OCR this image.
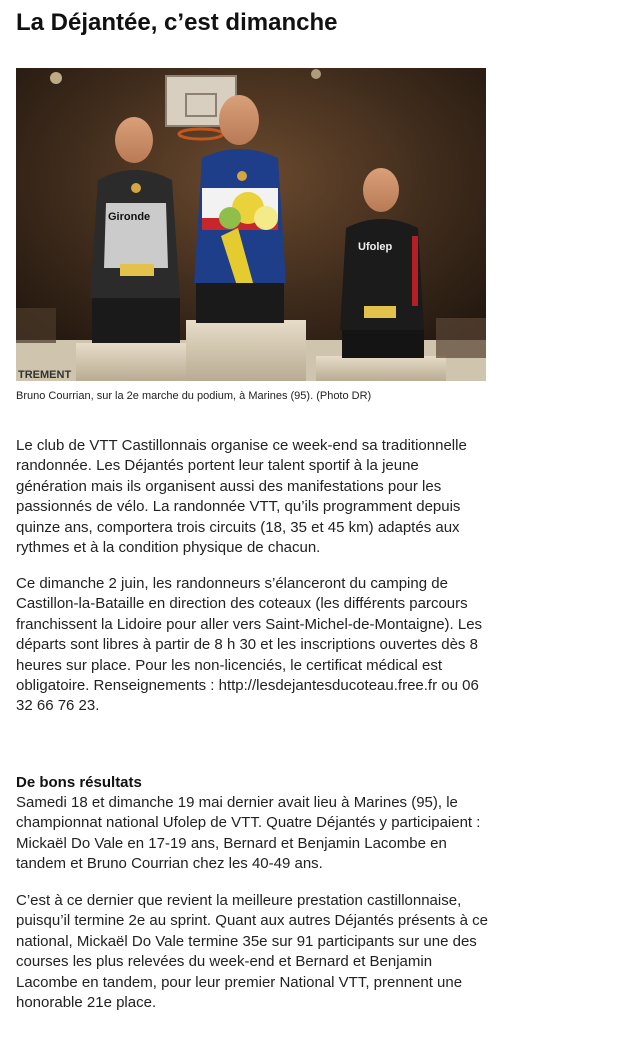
La Déjantée, c’est dimanche
TREMENT
Gironde
Ufolep
Bruno Courrian, sur la 2e marche du podium, à Marines (95). (Photo DR)

Le club de VTT Castillonnais organise ce week-end sa traditionnelle randonnée. Les Déjantés portent leur talent sportif à la jeune génération mais ils organisent aussi des manifestations pour les passionnés de vélo. La randonnée VTT, qu’ils programment depuis quinze ans, comportera trois circuits (18, 35 et 45 km) adaptés aux rythmes et à la condition physique de chacun.

Ce dimanche 2 juin, les randonneurs s’élanceront du camping de Castillon-la-Bataille en direction des coteaux (les différents parcours franchissent la Lidoire pour aller vers Saint-Michel-de-Montaigne). Les départs sont libres à partir de 8 h 30 et les inscriptions ouvertes dès 8 heures sur place. Pour les non-licenciés, le certificat médical est obligatoire. Renseignements : http://lesdejantesducoteau.free.fr ou 06 32 66 76 23.

De bons résultats

Samedi 18 et dimanche 19 mai dernier avait lieu à Marines (95), le championnat national Ufolep de VTT. Quatre Déjantés y participaient : Mickaël Do Vale en 17-19 ans, Bernard et Benjamin Lacombe en tandem et Bruno Courrian chez les 40-49 ans.

C’est à ce dernier que revient la meilleure prestation castillonnaise, puisqu’il termine 2e au sprint. Quant aux autres Déjantés présents à ce national, Mickaël Do Vale termine 35e sur 91 participants sur une des courses les plus relevées du week-end et Bernard et Benjamin Lacombe en tandem, pour leur premier National VTT, prennent une honorable 21e place.
